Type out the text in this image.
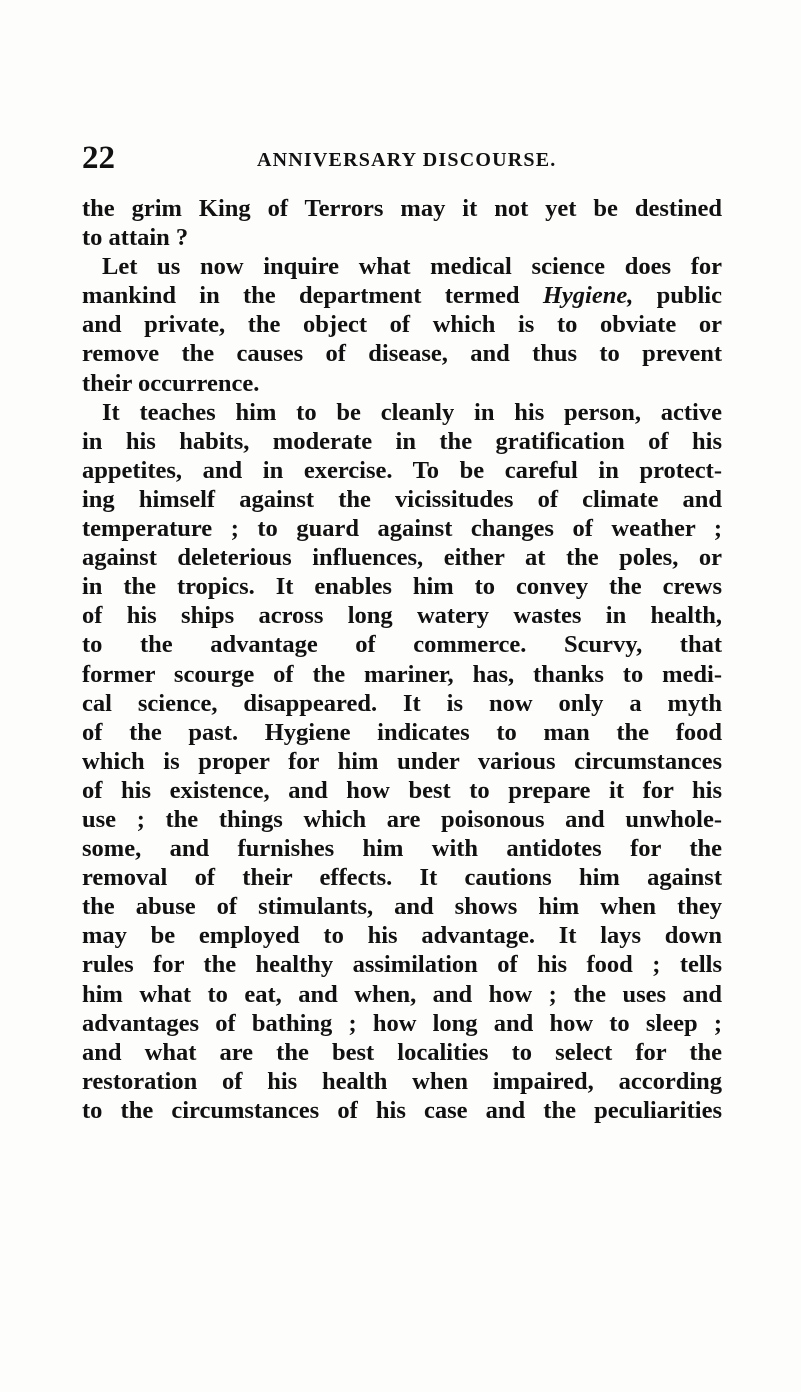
22	ANNIVERSARY DISCOURSE.
the grim King of Terrors may it not yet be destined
to attain ?
Let us now inquire what medical science does for
mankind in the department termed Hygiene, public
and private, the object of which is to obviate or
remove the causes of disease, and thus to prevent
their occurrence.
It teaches him to be cleanly in his person, active
in his habits, moderate in the gratification of his
appetites, and in exercise. To be careful in protect-
ing himself against the vicissitudes of climate and
temperature ; to guard against changes of weather ;
against deleterious influences, either at the poles, or
in the tropics. It enables him to convey the crews
of his ships across long watery wastes in health,
to the advantage of commerce. Scurvy, that
former scourge of the mariner, has, thanks to medi-
cal science, disappeared. It is now only a myth
of the past. Hygiene indicates to man the food
which is proper for him under various circumstances
of his existence, and how best to prepare it for his
use ; the things which are poisonous and unwhole-
some, and furnishes him with antidotes for the
removal of their effects. It cautions him against
the abuse of stimulants, and shows him when they
may be employed to his advantage. It lays down
rules for the healthy assimilation of his food ; tells
him what to eat, and when, and how ; the uses and
advantages of bathing ; how long and how to sleep ;
and what are the best localities to select for the
restoration of his health when impaired, according
to the circumstances of his case and the peculiarities
